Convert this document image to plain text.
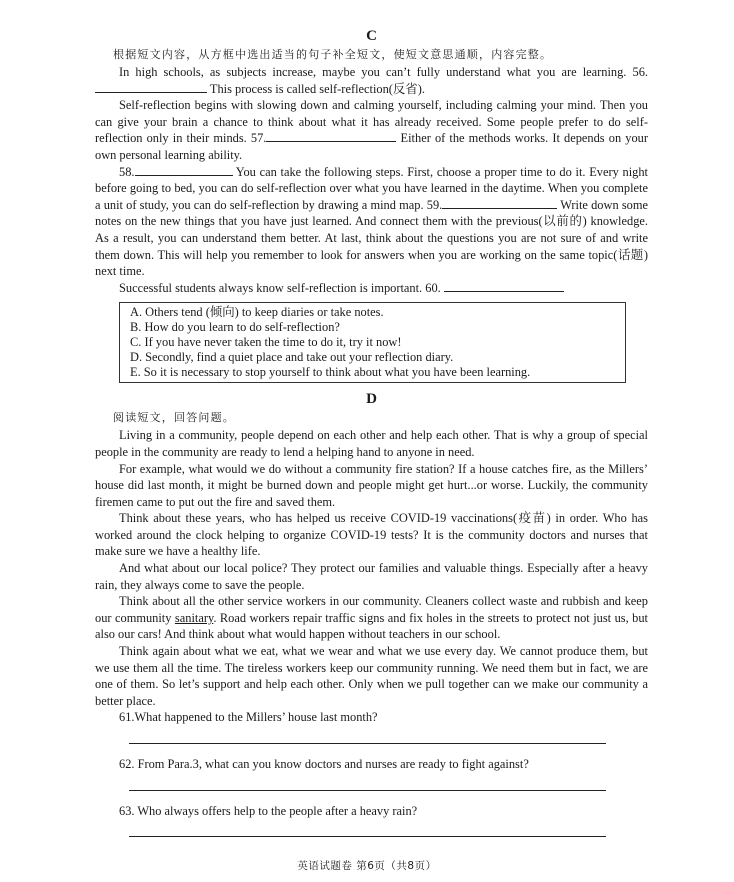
C

根据短文内容，从方框中选出适当的句子补全短文，使短文意思通顺，内容完整。

In high schools, as subjects increase, maybe you can’t fully understand what you are learning. 56. This process is called self-reflection(反省).

Self-reflection begins with slowing down and calming yourself, including calming your mind. Then you can give your brain a chance to think about what it has already received. Some people prefer to do self-reflection only in their minds. 57.	Either of the methods works. It depends on your own personal learning ability.

58.	You can take the following steps. First, choose a proper time to do it. Every night before going to bed, you can do self-reflection over what you have learned in the daytime. When you complete a unit of study, you can do self-reflection by drawing a mind map. 59.	Write down some notes on the new things that you have just learned. And connect them with the previous(以前的) knowledge. As a result, you can understand them better. At last, think about the questions you are not sure of and write them down. This will help you remember to look for answers when you are working on the same topic(话题) next time.

Successful students always know self-reflection is important. 60.

A. Others tend (倾向) to keep diaries or take notes.
B. How do you learn to do self-reflection?
C. If you have never taken the time to do it, try it now!
D. Secondly, find a quiet place and take out your reflection diary.
E. So it is necessary to stop yourself to think about what you have been learning.

D

阅读短文，回答问题。

Living in a community, people depend on each other and help each other. That is why a group of special people in the community are ready to lend a helping hand to anyone in need.

For example, what would we do without a community fire station? If a house catches fire, as the Millers’ house did last month, it might be burned down and people might get hurt...or worse. Luckily, the community firemen came to put out the fire and saved them.

Think about these years, who has helped us receive COVID-19 vaccinations(疫苗) in order. Who has worked around the clock helping to organize COVID-19 tests? It is the community doctors and nurses that make sure we have a healthy life.

And what about our local police? They protect our families and valuable things. Especially after a heavy rain, they always come to save the people.

Think about all the other service workers in our community. Cleaners collect waste and rubbish and keep our community sanitary. Road workers repair traffic signs and fix holes in the streets to protect not just us, but also our cars! And think about what would happen without teachers in our school.

Think again about what we eat, what we wear and what we use every day. We cannot produce them, but we use them all the time. The tireless workers keep our community running. We need them but in fact, we are one of them. So let’s support and help each other. Only when we pull together can we make our community a better place.

61.What happened to the Millers’ house last month?

62. From Para.3, what can you know doctors and nurses are ready to fight against?

63. Who always offers help to the people after a heavy rain?

英语试题卷 第6页（共8页）
